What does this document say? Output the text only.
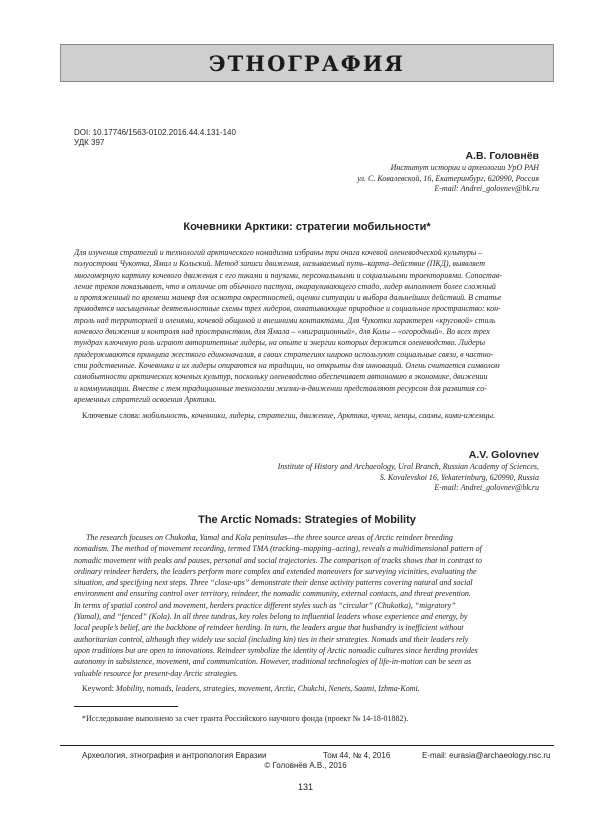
ЭТНОГРАФИЯ
DOI: 10.17746/1563-0102.2016.44.4.131-140
УДК 397
А.В. Головнёв
Институт истории и археологии УрО РАН
ул. С. Ковалевской, 16, Екатеринбург, 620990, Россия
E-mail: Andrei_golovnev@bk.ru
Кочевники Арктики: стратегии мобильности*
Для изучения стратегий и технологий арктического номадизма избраны три очага кочевой оленеводческой культуры –
полуострова Чукотка, Ямал и Кольский. Метод записи движения, называемый путь–карта–действие (ПКД), выявляет
многомерную картину кочевого движения с его пиками и паузами, персональными и социальными траекториями. Сопостав-
ление треков показывает, что в отличие от обычного пастуха, окарауливающего стадо, лидер выполняет более сложный
и протяженный по времени маневр для осмотра окрестностей, оценки ситуации и выбора дальнейших действий. В статье
приводятся насыщенные деятельностные схемы трех лидеров, охватывающие природное и социальное пространство: кон-
троль над территорией и оленями, кочевой общиной и внешними контактами. Для Чукотки характерен «круговой» стиль
кочевого движения и контроля над пространством, для Ямала – «миграционный», для Колы – «огородный». Во всех трех
тундрах ключевую роль играют авторитетные лидеры, на опыте и энергии которых держится оленеводство. Лидеры
придерживаются принципа жесткого единоначалия, в своих стратегиях широко используют социальные связи, в частно-
сти родственные. Кочевники и их лидеры опираются на традиции, но открыты для инноваций. Олень считается символом
самобытности арктических кочевых культур, поскольку оленеводство обеспечивает автономию в экономике, движении
и коммуникации. Вместе с тем традиционные технологии жизни-в-движении представляют ресурсом для развития со-
временных стратегий освоения Арктики.
Ключевые слова: мобильность, кочевники, лидеры, стратегии, движение, Арктика, чукчи, ненцы, саамы, коми-ижемцы.
A.V. Golovnev
Institute of History and Archaeology, Ural Branch, Russian Academy of Sciences,
S. Kovalevskoi 16, Yekaterinburg, 620990, Russia
E-mail: Andrei_golovnev@bk.ru
The Arctic Nomads: Strategies of Mobility
The research focuses on Chukotka, Yamal and Kola peninsulas—the three source areas of Arctic reindeer breeding
nomadism. The method of movement recording, termed TMA (tracking–mapping–acting), reveals a multidimensional pattern of
nomadic movement with peaks and pauses, personal and social trajectories. The comparison of tracks shows that in contrast to
ordinary reindeer herders, the leaders perform more complex and extended maneuvers for surveying vicinities, evaluating the
situation, and specifying next steps. Three “close-ups” demonstrate their dense activity patterns covering natural and social
environment and ensuring control over territory, reindeer, the nomadic community, external contacts, and threat prevention.
In terms of spatial control and movement, herders practice different styles such as “circular” (Chukotka), “migratory”
(Yamal), and “fenced” (Kola). In all three tundras, key roles belong to influential leaders whose experience and energy, by
local people’s belief, are the backbone of reindeer herding. In turn, the leaders argue that husbandry is inefficient without
authoritarian control, although they widely use social (including kin) ties in their strategies. Nomads and their leaders rely
upon traditions but are open to innovations. Reindeer symbolize the identity of Arctic nomadic cultures since herding provides
autonomy in subsistence, movement, and communication. However, traditional technologies of life-in-motion can be seen as
valuable resource for present-day Arctic strategies.
Keyword: Mobility, nomads, leaders, strategies, movement, Arctic, Chukchi, Nenets, Saami, Izhma-Komi.
*Исследование выполнено за счет гранта Российского научного фонда (проект № 14-18-01882).
Археология, этнография и антропология Евразии	Том 44, № 4, 2016	E-mail: eurasia@archaeology.nsc.ru
© Головнёв А.В., 2016
131
